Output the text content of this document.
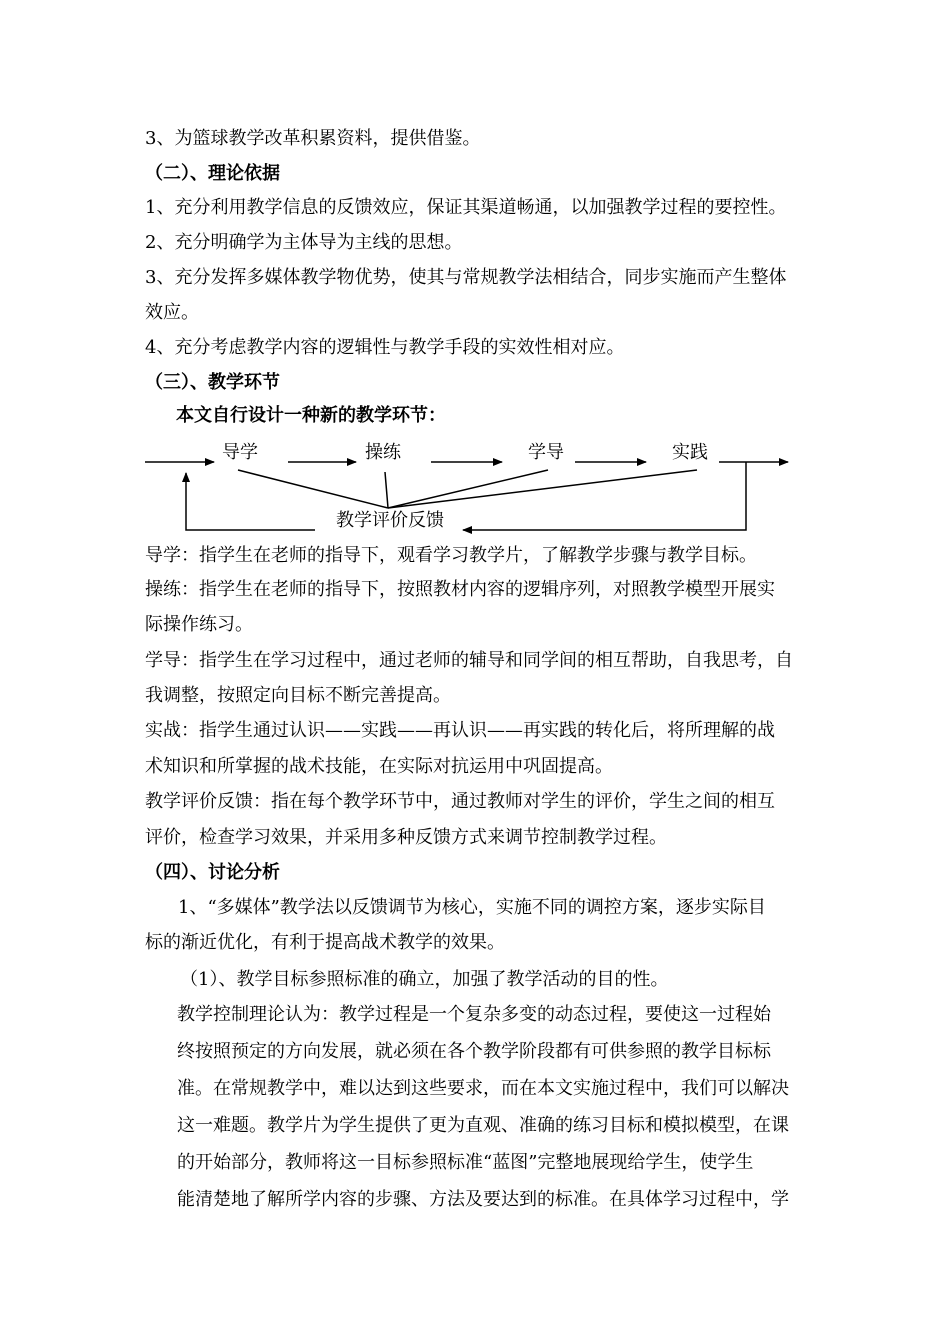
3、为篮球教学改革积累资料，提供借鉴。
（二）、理论依据
1、充分利用教学信息的反馈效应，保证其渠道畅通，以加强教学过程的要控性。
2、充分明确学为主体导为主线的思想。
3、充分发挥多媒体教学物优势，使其与常规教学法相结合，同步实施而产生整体
效应。
4、充分考虑教学内容的逻辑性与教学手段的实效性相对应。
（三）、教学环节
本文自行设计一种新的教学环节：
导学	操练	学导	实践
教学评价反馈
导学：指学生在老师的指导下，观看学习教学片，了解教学步骤与教学目标。
操练：指学生在老师的指导下，按照教材内容的逻辑序列，对照教学模型开展实
际操作练习。
学导：指学生在学习过程中，通过老师的辅导和同学间的相互帮助，自我思考，自
我调整，按照定向目标不断完善提高。
实战：指学生通过认识——实践——再认识——再实践的转化后，将所理解的战
术知识和所掌握的战术技能，在实际对抗运用中巩固提高。
教学评价反馈：指在每个教学环节中，通过教师对学生的评价，学生之间的相互
评价，检查学习效果，并采用多种反馈方式来调节控制教学过程。
（四）、讨论分析
1、“多媒体”教学法以反馈调节为核心，实施不同的调控方案，逐步实际目
标的渐近优化，有利于提高战术教学的效果。
（1）、教学目标参照标准的确立，加强了教学活动的目的性。
教学控制理论认为：教学过程是一个复杂多变的动态过程，要使这一过程始
终按照预定的方向发展，就必须在各个教学阶段都有可供参照的教学目标标
准。在常规教学中，难以达到这些要求，而在本文实施过程中，我们可以解决
这一难题。教学片为学生提供了更为直观、准确的练习目标和模拟模型，在课
的开始部分，教师将这一目标参照标准“蓝图”完整地展现给学生，使学生
能清楚地了解所学内容的步骤、方法及要达到的标准。在具体学习过程中，学
